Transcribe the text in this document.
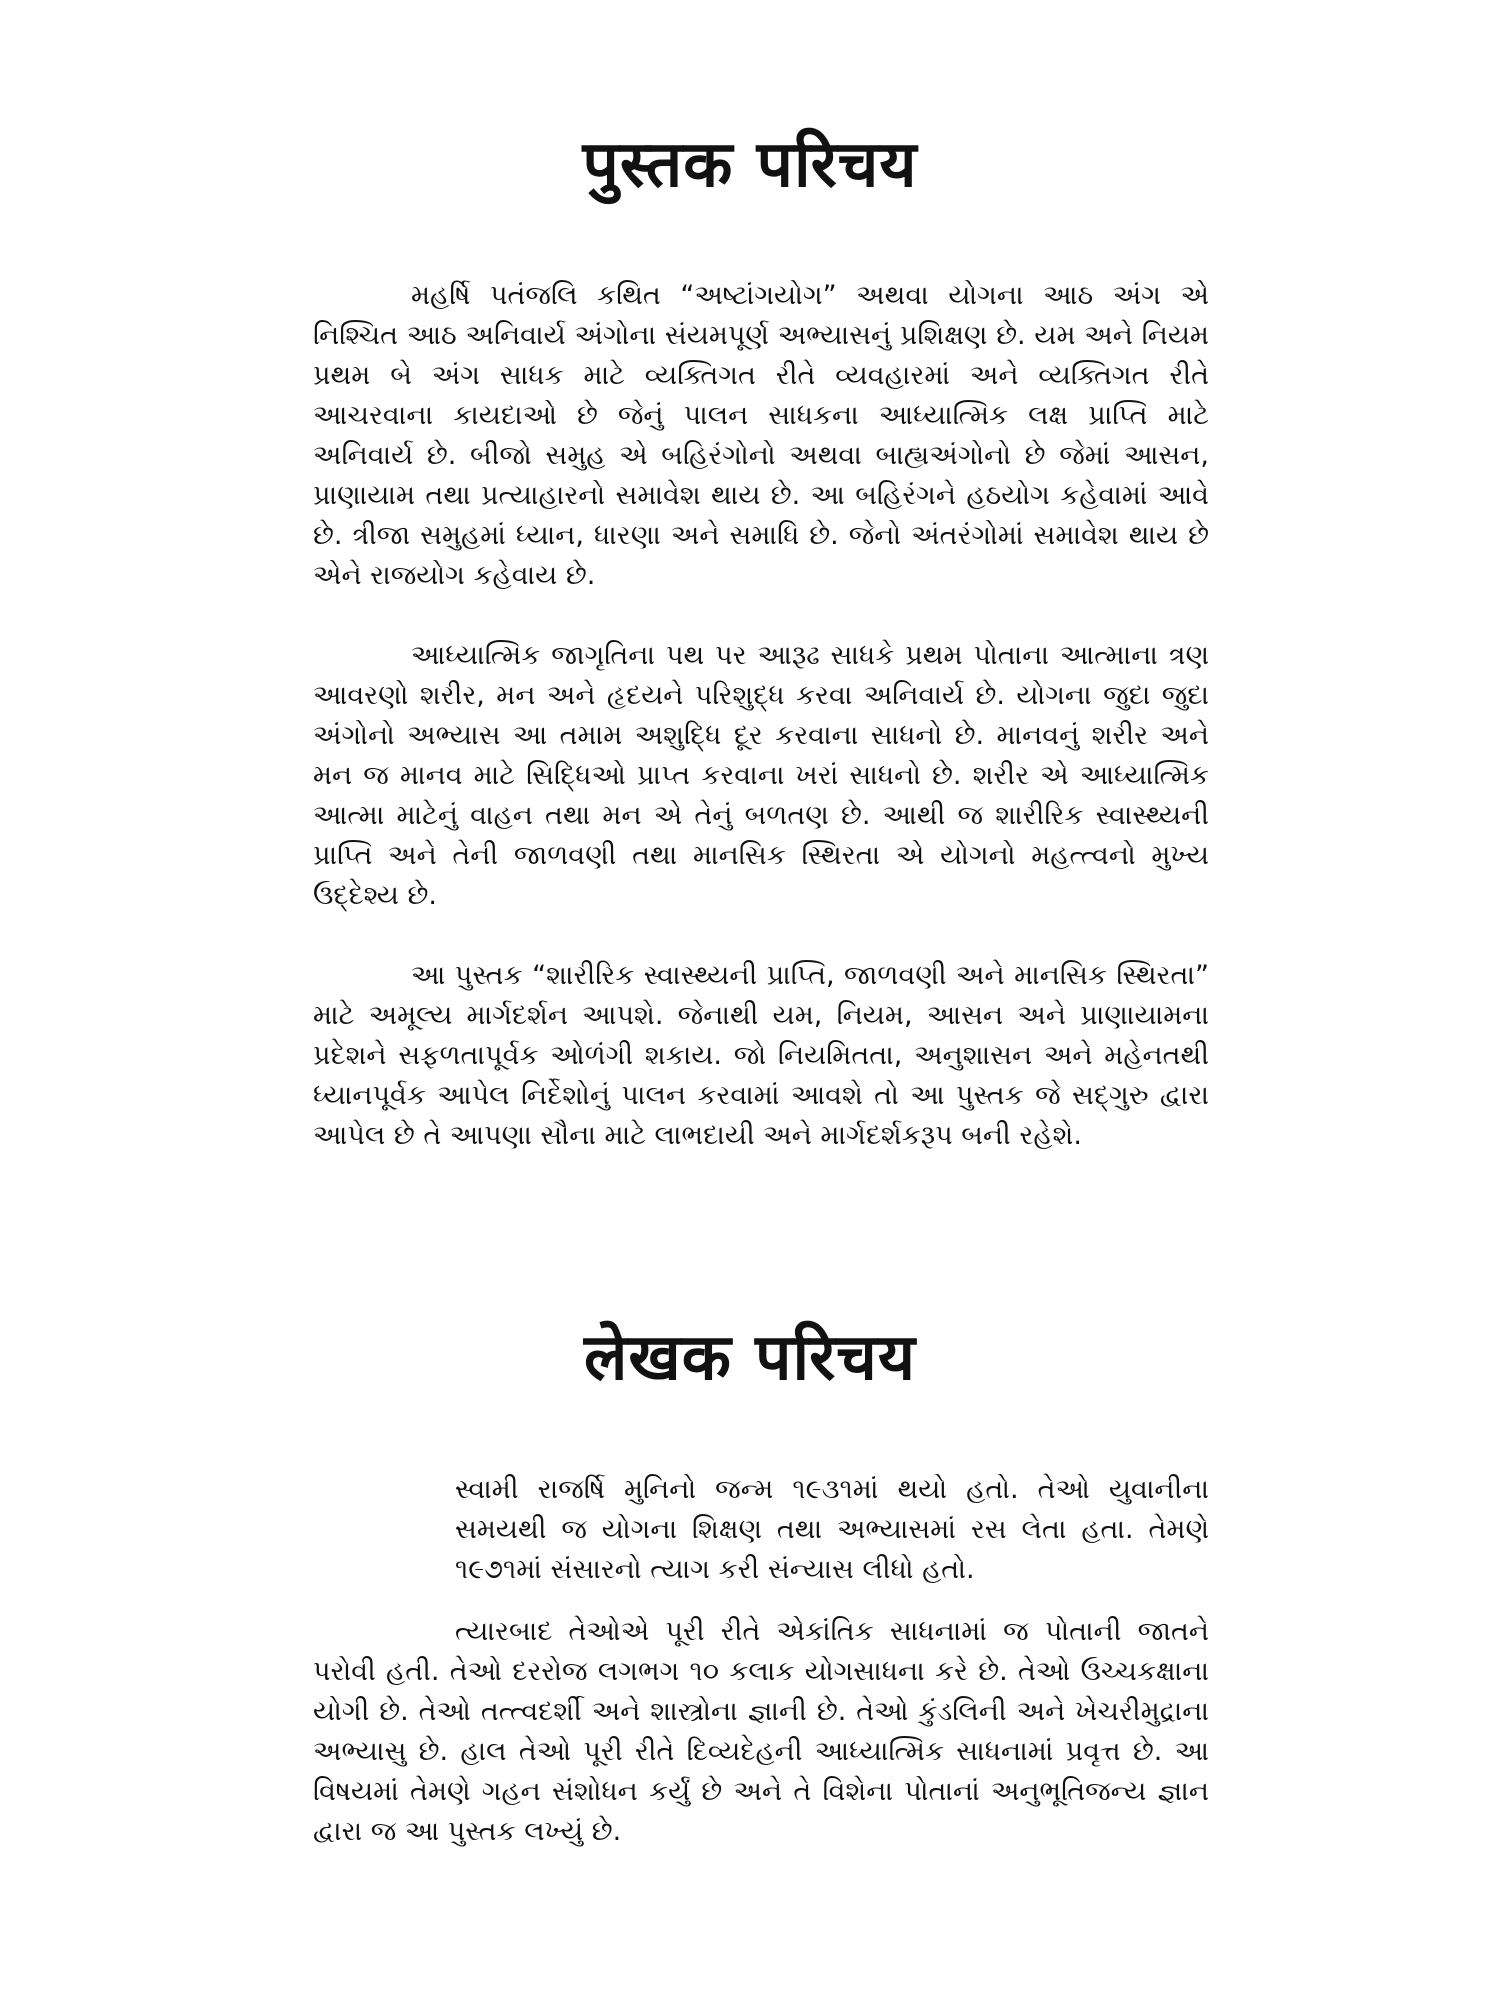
पुस्तक परिचय

મહર્ષિ પતંજલિ કથિત “અષ્ટાંગયોગ” અથવા યોગના આઠ અંગ એ નિશ્ચિત આઠ અનિવાર્ય અંગોના સંયમપૂર્ણ અભ્યાસનું પ્રશિક્ષણ છે. યમ અને નિયમ પ્રથમ બે અંગ સાધક માટે વ્યક્તિગત રીતે વ્યવહારમાં અને વ્યક્તિગત રીતે આચરવાના કાયદાઓ છે જેનું પાલન સાધકના આધ્યાત્મિક લક્ષ પ્રાપ્તિ માટે અનિવાર્ય છે. બીજો સમુહ એ બહિરંગોનો અથવા બાહ્યઅંગોનો છે જેમાં આસન, પ્રાણાયામ તથા પ્રત્યાહારનો સમાવેશ થાય છે. આ બહિરંગને હઠયોગ કહેવામાં આવે છે. ત્રીજા સમુહમાં ધ્યાન, ધારણા અને સમાધિ છે. જેનો અંતરંગોમાં સમાવેશ થાય છે એને રાજયોગ કહેવાય છે.

આધ્યાત્મિક જાગૃતિના પથ પર આરૂઢ સાધકે પ્રથમ પોતાના આત્માના ત્રણ આવરણો શરીર, મન અને હૃદયને પરિશુદ્ધ કરવા અનિવાર્ય છે. યોગના જુદા જુદા અંગોનો અભ્યાસ આ તમામ અશુદ્ધિ દૂર કરવાના સાધનો છે. માનવનું શરીર અને મન જ માનવ માટે સિદ્ધિઓ પ્રાપ્ત કરવાના ખરાં સાધનો છે. શરીર એ આધ્યાત્મિક આત્મા માટેનું વાહન તથા મન એ તેનું બળતણ છે. આથી જ શારીરિક સ્વાસ્થ્યની પ્રાપ્તિ અને તેની જાળવણી તથા માનસિક સ્થિરતા એ યોગનો મહત્ત્વનો મુખ્ય ઉદ્દેશ્ય છે.

આ પુસ્તક “શારીરિક સ્વાસ્થ્યની પ્રાપ્તિ, જાળવણી અને માનસિક સ્થિરતા” માટે અમૂલ્ય માર્ગદર્શન આપશે. જેનાથી યમ, નિયમ, આસન અને પ્રાણાયામના પ્રદેશને સફળતાપૂર્વક ઓળંગી શકાય. જો નિયમિતતા, અનુશાસન અને મહેનતથી ધ્યાનપૂર્વક આપેલ નિર્દેશોનું પાલન કરવામાં આવશે તો આ પુસ્તક જે સદ્‌ગુરુ દ્વારા આપેલ છે તે આપણા સૌના માટે લાભદાયી અને માર્ગદર્શકરૂપ બની રહેશે.

लेखक परिचय

સ્વામી રાજર્ષિ મુનિનો જન્મ ૧૯૩૧માં થયો હતો. તેઓ યુવાનીના સમયથી જ યોગના શિક્ષણ તથા અભ્યાસમાં રસ લેતા હતા. તેમણે ૧૯૭૧માં સંસારનો ત્યાગ કરી સંન્યાસ લીધો હતો.

ત્યારબાદ તેઓએ પૂરી રીતે એકાંતિક સાધનામાં જ પોતાની જાતને પરોવી હતી. તેઓ દરરોજ લગભગ ૧૦ કલાક યોગસાધના કરે છે. તેઓ ઉચ્ચકક્ષાના યોગી છે. તેઓ તત્ત્વદર્શી અને શાસ્ત્રોના જ્ઞાની છે. તેઓ કુંડલિની અને ખેચરીમુદ્રાના અભ્યાસુ છે. હાલ તેઓ પૂરી રીતે દિવ્યદેહની આધ્યાત્મિક સાધનામાં પ્રવૃત્ત છે. આ વિષયમાં તેમણે ગહન સંશોધન કર્યું છે અને તે વિશેના પોતાનાં અનુભૂતિજન્ય જ્ઞાન દ્વારા જ આ પુસ્તક લખ્યું છે.
